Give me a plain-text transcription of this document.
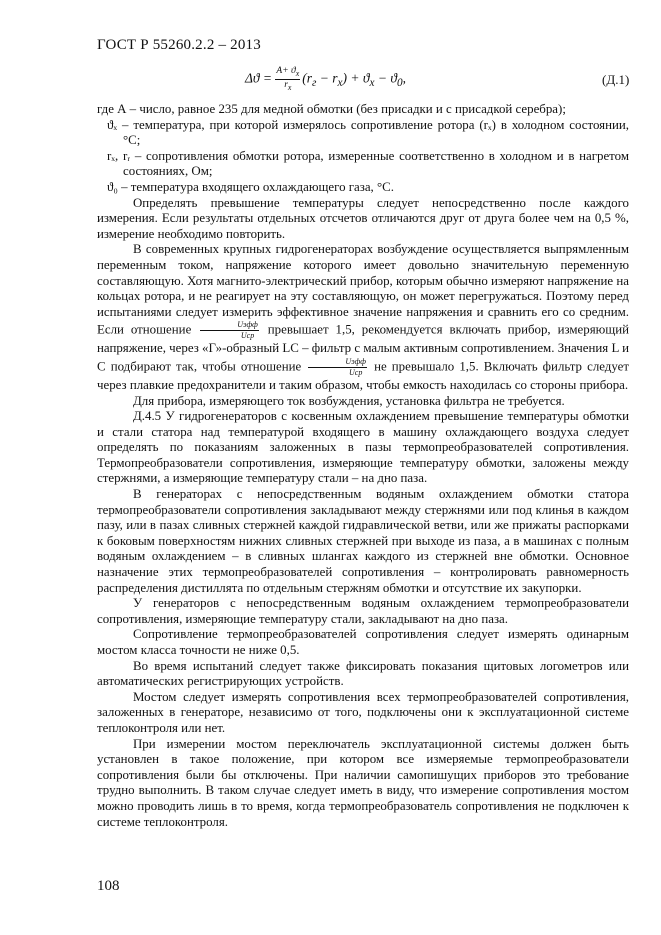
ГОСТ Р 55260.2.2 – 2013
$\Delta ϑ = \frac{A+ ϑ_x}{r_x} (r_г - r_x) + ϑ_x - ϑ_0$,	(Д.1)

где А – число, равное 235 для медной обмотки (без присадки и с присадкой серебра);

ϑₓ – температура, при которой измерялось сопротивление ротора (rₓ) в холодном состоянии, °С;

rₓ, rᵣ – сопротивления обмотки ротора, измеренные соответственно в холодном и в нагретом состояниях, Ом;

ϑ₀ – температура входящего охлаждающего газа, °С.

Определять превышение температуры следует непосредственно после каждого измерения. Если результаты отдельных отсчетов отличаются друг от друга более чем на 0,5 %, измерение необходимо повторить.

В современных крупных гидрогенераторах возбуждение осуществляется выпрямленным переменным током, напряжение которого имеет довольно значительную переменную составляющую. Хотя магнито-электрический прибор, которым обычно измеряют напряжение на кольцах ротора, и не реагирует на эту составляющую, он может перегружаться. Поэтому перед испытаниями следует измерить эффективное значение напряжения и сравнить его со средним. Если отношение $\frac{\text{Uэфф}}{\text{Uср}}$ превышает 1,5, рекомендуется включать прибор, измеряющий напряжение, через «Г»-образный LC – фильтр с малым активным сопротивлением. Значения L и C подбирают так, чтобы отношение $\frac{\text{Uэфф}}{\text{Uср}}$ не превышало 1,5. Включать фильтр следует через плавкие предохранители и таким образом, чтобы емкость находилась со стороны прибора.

Для прибора, измеряющего ток возбуждения, установка фильтра не требуется.

Д.4.5 У гидрогенераторов с косвенным охлаждением превышение температуры обмотки и стали статора над температурой входящего в машину охлаждающего воздуха следует определять по показаниям заложенных в пазы термопреобразователей сопротивления. Термопреобразователи сопротивления, измеряющие температуру обмотки, заложены между стержнями, а измеряющие температуру стали – на дно паза.

В генераторах с непосредственным водяным охлаждением обмотки статора термопреобразователи сопротивления закладывают между стержнями или под клинья в каждом пазу, или в пазах сливных стержней каждой гидравлической ветви, или же прижаты распорками к боковым поверхностям нижних сливных стержней при выходе из паза, а в машинах с полным водяным охлаждением – в сливных шлангах каждого из стержней вне обмотки. Основное назначение этих термопреобразователей сопротивления – контролировать равномерность распределения дистиллята по отдельным стержням обмотки и отсутствие их закупорки.

У генераторов с непосредственным водяным охлаждением термопреобразователи сопротивления, измеряющие температуру стали, закладывают на дно паза.

Сопротивление термопреобразователей сопротивления следует измерять одинарным мостом класса точности не ниже 0,5.

Во время испытаний следует также фиксировать показания щитовых логометров или автоматических регистрирующих устройств.

Мостом следует измерять сопротивления всех термопреобразователей сопротивления, заложенных в генераторе, независимо от того, подключены они к эксплуатационной системе теплоконтроля или нет.

При измерении мостом переключатель эксплуатационной системы должен быть установлен в такое положение, при котором все измеряемые термопреобразователи сопротивления были бы отключены. При наличии самопишущих приборов это требование трудно выполнить. В таком случае следует иметь в виду, что измерение сопротивления мостом можно проводить лишь в то время, когда термопреобразователь сопротивления не подключен к системе теплоконтроля.

108
